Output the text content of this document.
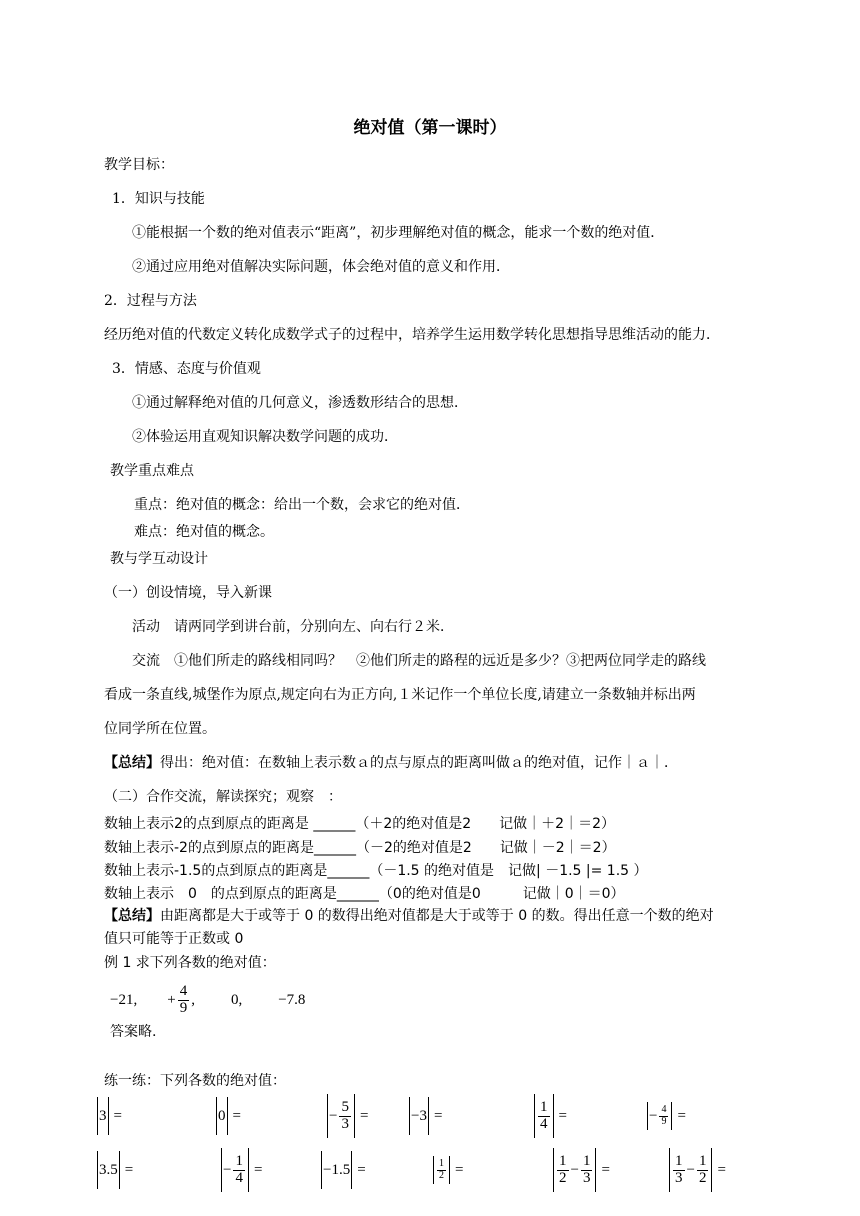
绝对值（第一课时）
教学目标：
1．知识与技能
①能根据一个数的绝对值表示“距离”，初步理解绝对值的概念，能求一个数的绝对值．
②通过应用绝对值解决实际问题，体会绝对值的意义和作用．
2．过程与方法
经历绝对值的代数定义转化成数学式子的过程中，培养学生运用数学转化思想指导思维活动的能力．
3．情感、态度与价值观
①通过解释绝对值的几何意义，渗透数形结合的思想．
②体验运用直观知识解决数学问题的成功．
教学重点难点
重点：绝对值的概念：给出一个数，会求它的绝对值．
难点：绝对值的概念。
教与学互动设计
（一）创设情境，导入新课
活动　请两同学到讲台前，分别向左、向右行２米．
交流　①他们所走的路线相同吗？　②他们所走的路程的远近是多少？③把两位同学走的路线
看成一条直线,城堡作为原点,规定向右为正方向,１米记作一个单位长度,请建立一条数轴并标出两
位同学所在位置。
【总结】得出：绝对值：在数轴上表示数ａ的点与原点的距离叫做ａ的绝对值，记作｜ａ｜．
（二）合作交流，解读探究；观察　：
数轴上表示2的点到原点的距离是 ______（＋2的绝对值是2　　记做｜＋2｜＝2）
数轴上表示-2的点到原点的距离是______（－2的绝对值是2　　记做｜－2｜＝2）
数轴上表示-1.5的点到原点的距离是______（－1.5 的绝对值是　记做| －1.5 |= 1.5 ）
数轴上表示　0　的点到原点的距离是______（0的绝对值是0　　　记做｜0｜＝0）
【总结】由距离都是大于或等于 0 的数得出绝对值都是大于或等于 0 的数。得出任意一个数的绝对
值只可能等于正数或 0
例 1 求下列各数的绝对值：
−21, + $\frac{4}{9}$ , 0, −7.8
答案略.
练一练：下列各数的绝对值：
3 =	0 =	− $\frac{5}{3}$ =	−3 =	$\frac{1}{4}$ =	− $\frac{4}{9}$ =
3.5 =	− $\frac{1}{4}$ =	−1.5 =	$\frac{1}{2}$ =	$\frac{1}{2} - \frac{1}{3}$ =	$\frac{1}{3} - \frac{1}{2}$ =
